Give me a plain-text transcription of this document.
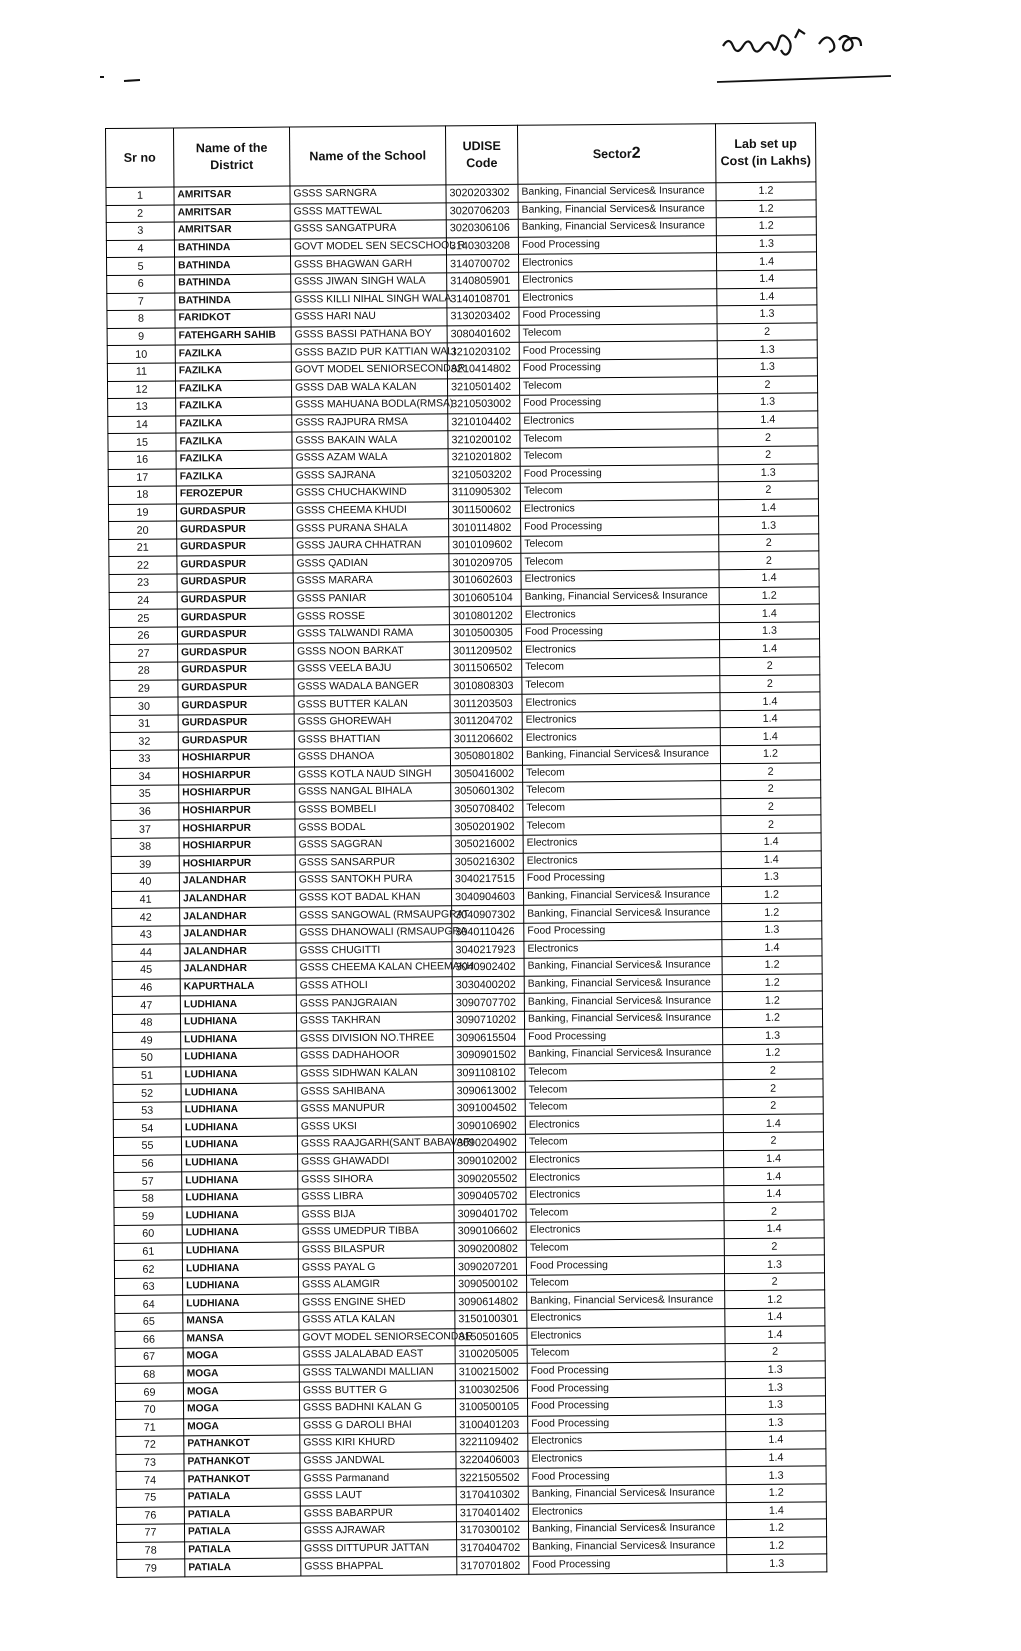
Sr no	Name of the District	Name of the School	UDISE Code	Sector2	Lab set up Cost (in Lakhs)
1	AMRITSAR	GSSS SARNGRA	3020203302	Banking, Financial Services& Insurance	1.2
2	AMRITSAR	GSSS MATTEWAL	3020706203	Banking, Financial Services& Insurance	1.2
3	AMRITSAR	GSSS SANGATPURA	3020306106	Banking, Financial Services& Insurance	1.2
4	BATHINDA	GOVT MODEL SEN SECSCHOOL R	3140303208	Food Processing	1.3
5	BATHINDA	GSSS BHAGWAN GARH	3140700702	Electronics	1.4
6	BATHINDA	GSSS JIWAN SINGH WALA	3140805901	Electronics	1.4
7	BATHINDA	GSSS KILLI NIHAL SINGH WALA	3140108701	Electronics	1.4
8	FARIDKOT	GSSS HARI NAU	3130203402	Food Processing	1.3
9	FATEHGARH SAHIB	GSSS BASSI PATHANA BOY	3080401602	Telecom	2
10	FAZILKA	GSSS BAZID PUR KATTIAN WALI	3210203102	Food Processing	1.3
11	FAZILKA	GOVT MODEL SENIORSECONDAR	3210414802	Food Processing	1.3
12	FAZILKA	GSSS DAB WALA KALAN	3210501402	Telecom	2
13	FAZILKA	GSSS MAHUANA BODLA(RMSA)	3210503002	Food Processing	1.3
14	FAZILKA	GSSS RAJPURA RMSA	3210104402	Electronics	1.4
15	FAZILKA	GSSS BAKAIN WALA	3210200102	Telecom	2
16	FAZILKA	GSSS AZAM WALA	3210201802	Telecom	2
17	FAZILKA	GSSS SAJRANA	3210503202	Food Processing	1.3
18	FEROZEPUR	GSSS CHUCHAKWIND	3110905302	Telecom	2
19	GURDASPUR	GSSS CHEEMA KHUDI	3011500602	Electronics	1.4
20	GURDASPUR	GSSS PURANA SHALA	3010114802	Food Processing	1.3
21	GURDASPUR	GSSS JAURA CHHATRAN	3010109602	Telecom	2
22	GURDASPUR	GSSS QADIAN	3010209705	Telecom	2
23	GURDASPUR	GSSS MARARA	3010602603	Electronics	1.4
24	GURDASPUR	GSSS PANIAR	3010605104	Banking, Financial Services& Insurance	1.2
25	GURDASPUR	GSSS ROSSE	3010801202	Electronics	1.4
26	GURDASPUR	GSSS TALWANDI RAMA	3010500305	Food Processing	1.3
27	GURDASPUR	GSSS NOON BARKAT	3011209502	Electronics	1.4
28	GURDASPUR	GSSS VEELA BAJU	3011506502	Telecom	2
29	GURDASPUR	GSSS WADALA BANGER	3010808303	Telecom	2
30	GURDASPUR	GSSS BUTTER KALAN	3011203503	Electronics	1.4
31	GURDASPUR	GSSS GHOREWAH	3011204702	Electronics	1.4
32	GURDASPUR	GSSS BHATTIAN	3011206602	Electronics	1.4
33	HOSHIARPUR	GSSS DHANOA	3050801802	Banking, Financial Services& Insurance	1.2
34	HOSHIARPUR	GSSS KOTLA NAUD SINGH	3050416002	Telecom	2
35	HOSHIARPUR	GSSS NANGAL BIHALA	3050601302	Telecom	2
36	HOSHIARPUR	GSSS BOMBELI	3050708402	Telecom	2
37	HOSHIARPUR	GSSS BODAL	3050201902	Telecom	2
38	HOSHIARPUR	GSSS SAGGRAN	3050216002	Electronics	1.4
39	HOSHIARPUR	GSSS SANSARPUR	3050216302	Electronics	1.4
40	JALANDHAR	GSSS SANTOKH PURA	3040217515	Food Processing	1.3
41	JALANDHAR	GSSS KOT BADAL KHAN	3040904603	Banking, Financial Services& Insurance	1.2
42	JALANDHAR	GSSS SANGOWAL (RMSAUPGRAT	3040907302	Banking, Financial Services& Insurance	1.2
43	JALANDHAR	GSSS DHANOWALI (RMSAUPGRA	3040110426	Food Processing	1.3
44	JALANDHAR	GSSS CHUGITTI	3040217923	Electronics	1.4
45	JALANDHAR	GSSS CHEEMA KALAN CHEEMAKH	3040902402	Banking, Financial Services& Insurance	1.2
46	KAPURTHALA	GSSS ATHOLI	3030400202	Banking, Financial Services& Insurance	1.2
47	LUDHIANA	GSSS PANJGRAIAN	3090707702	Banking, Financial Services& Insurance	1.2
48	LUDHIANA	GSSS TAKHRAN	3090710202	Banking, Financial Services& Insurance	1.2
49	LUDHIANA	GSSS DIVISION NO.THREE	3090615504	Food Processing	1.3
50	LUDHIANA	GSSS DADHAHOOR	3090901502	Banking, Financial Services& Insurance	1.2
51	LUDHIANA	GSSS SIDHWAN KALAN	3091108102	Telecom	2
52	LUDHIANA	GSSS SAHIBANA	3090613002	Telecom	2
53	LUDHIANA	GSSS MANUPUR	3091004502	Telecom	2
54	LUDHIANA	GSSS UKSI	3090106902	Electronics	1.4
55	LUDHIANA	GSSS RAAJGARH(SANT BABAVARI	3090204902	Telecom	2
56	LUDHIANA	GSSS GHAWADDI	3090102002	Electronics	1.4
57	LUDHIANA	GSSS SIHORA	3090205502	Electronics	1.4
58	LUDHIANA	GSSS LIBRA	3090405702	Electronics	1.4
59	LUDHIANA	GSSS BIJA	3090401702	Telecom	2
60	LUDHIANA	GSSS UMEDPUR TIBBA	3090106602	Electronics	1.4
61	LUDHIANA	GSSS BILASPUR	3090200802	Telecom	2
62	LUDHIANA	GSSS PAYAL G	3090207201	Food Processing	1.3
63	LUDHIANA	GSSS ALAMGIR	3090500102	Telecom	2
64	LUDHIANA	GSSS ENGINE SHED	3090614802	Banking, Financial Services& Insurance	1.2
65	MANSA	GSSS ATLA KALAN	3150100301	Electronics	1.4
66	MANSA	GOVT MODEL SENIORSECONDAR	3150501605	Electronics	1.4
67	MOGA	GSSS JALALABAD EAST	3100205005	Telecom	2
68	MOGA	GSSS TALWANDI MALLIAN	3100215002	Food Processing	1.3
69	MOGA	GSSS BUTTER G	3100302506	Food Processing	1.3
70	MOGA	GSSS BADHNI KALAN G	3100500105	Food Processing	1.3
71	MOGA	GSSS G DAROLI BHAI	3100401203	Food Processing	1.3
72	PATHANKOT	GSSS KIRI KHURD	3221109402	Electronics	1.4
73	PATHANKOT	GSSS JANDWAL	3220406003	Electronics	1.4
74	PATHANKOT	GSSS Parmanand	3221505502	Food Processing	1.3
75	PATIALA	GSSS LAUT	3170410302	Banking, Financial Services& Insurance	1.2
76	PATIALA	GSSS BABARPUR	3170401402	Electronics	1.4
77	PATIALA	GSSS AJRAWAR	3170300102	Banking, Financial Services& Insurance	1.2
78	PATIALA	GSSS DITTUPUR JATTAN	3170404702	Banking, Financial Services& Insurance	1.2
79	PATIALA	GSSS BHAPPAL	3170701802	Food Processing	1.3
